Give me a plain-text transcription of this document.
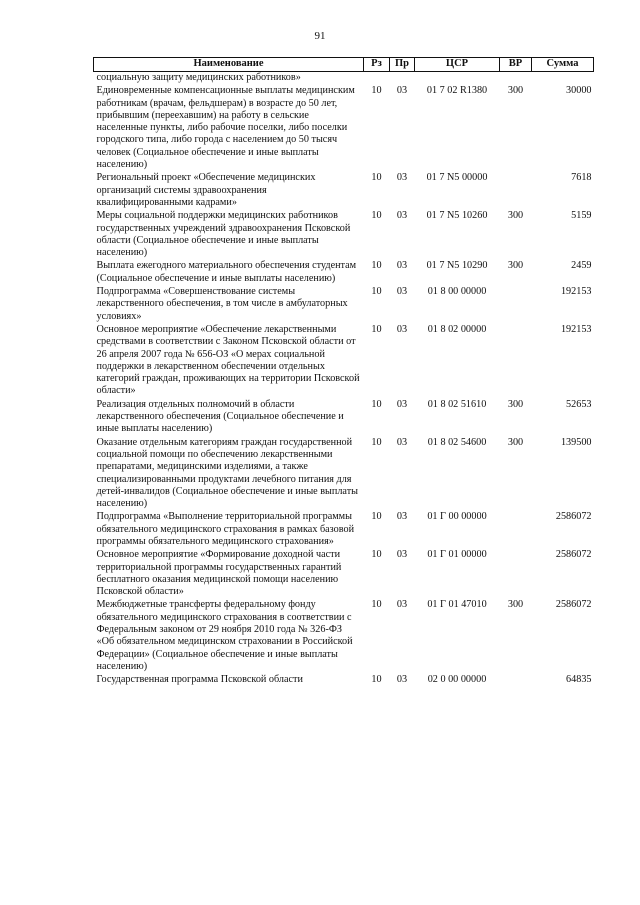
91
Наименование	Рз	Пр	ЦСР	ВР	Сумма
социальную защиту медицинских работников»					
Единовременные компенсационные выплаты медицинским работникам (врачам, фельдшерам) в возрасте до 50 лет, прибывшим (переехавшим) на работу в сельские населенные пункты, либо рабочие поселки, либо поселки городского типа, либо города с населением до 50 тысяч человек (Социальное обеспечение и иные выплаты населению)	10	03	01 7 02 R1380	300	30000
Региональный проект «Обеспечение медицинских организаций системы здравоохранения квалифицированными кадрами»	10	03	01 7 N5 00000		7618
Меры социальной поддержки медицинских работников государственных учреждений здравоохранения Псковской области (Социальное обеспечение и иные выплаты населению)	10	03	01 7 N5 10260	300	5159
Выплата ежегодного материального обеспечения студентам (Социальное обеспечение и иные выплаты населению)	10	03	01 7 N5 10290	300	2459
Подпрограмма «Совершенствование системы лекарственного обеспечения, в том числе в амбулаторных условиях»	10	03	01 8 00 00000		192153
Основное мероприятие «Обеспечение лекарственными средствами в соответствии с Законом Псковской области от 26 апреля 2007 года № 656-ОЗ «О мерах социальной поддержки в лекарственном обеспечении отдельных категорий граждан, проживающих на территории Псковской области»	10	03	01 8 02 00000		192153
Реализация отдельных полномочий в области лекарственного обеспечения (Социальное обеспечение и иные выплаты населению)	10	03	01 8 02 51610	300	52653
Оказание отдельным категориям граждан государственной социальной помощи по обеспечению лекарственными препаратами, медицинскими изделиями, а также специализированными продуктами лечебного питания для детей-инвалидов (Социальное обеспечение и иные выплаты населению)	10	03	01 8 02 54600	300	139500
Подпрограмма «Выполнение территориальной программы обязательного медицинского страхования в рамках базовой программы обязательного медицинского страхования»	10	03	01 Г 00 00000		2586072
Основное мероприятие «Формирование доходной части территориальной программы государственных гарантий бесплатного оказания медицинской помощи населению Псковской области»	10	03	01 Г 01 00000		2586072
Межбюджетные трансферты федеральному фонду обязательного медицинского страхования в соответствии с Федеральным законом от 29 ноября 2010 года № 326-ФЗ «Об обязательном медицинском страховании в Российской Федерации» (Социальное обеспечение и иные выплаты населению)	10	03	01 Г 01 47010	300	2586072
Государственная программа Псковской области	10	03	02 0 00 00000		64835
